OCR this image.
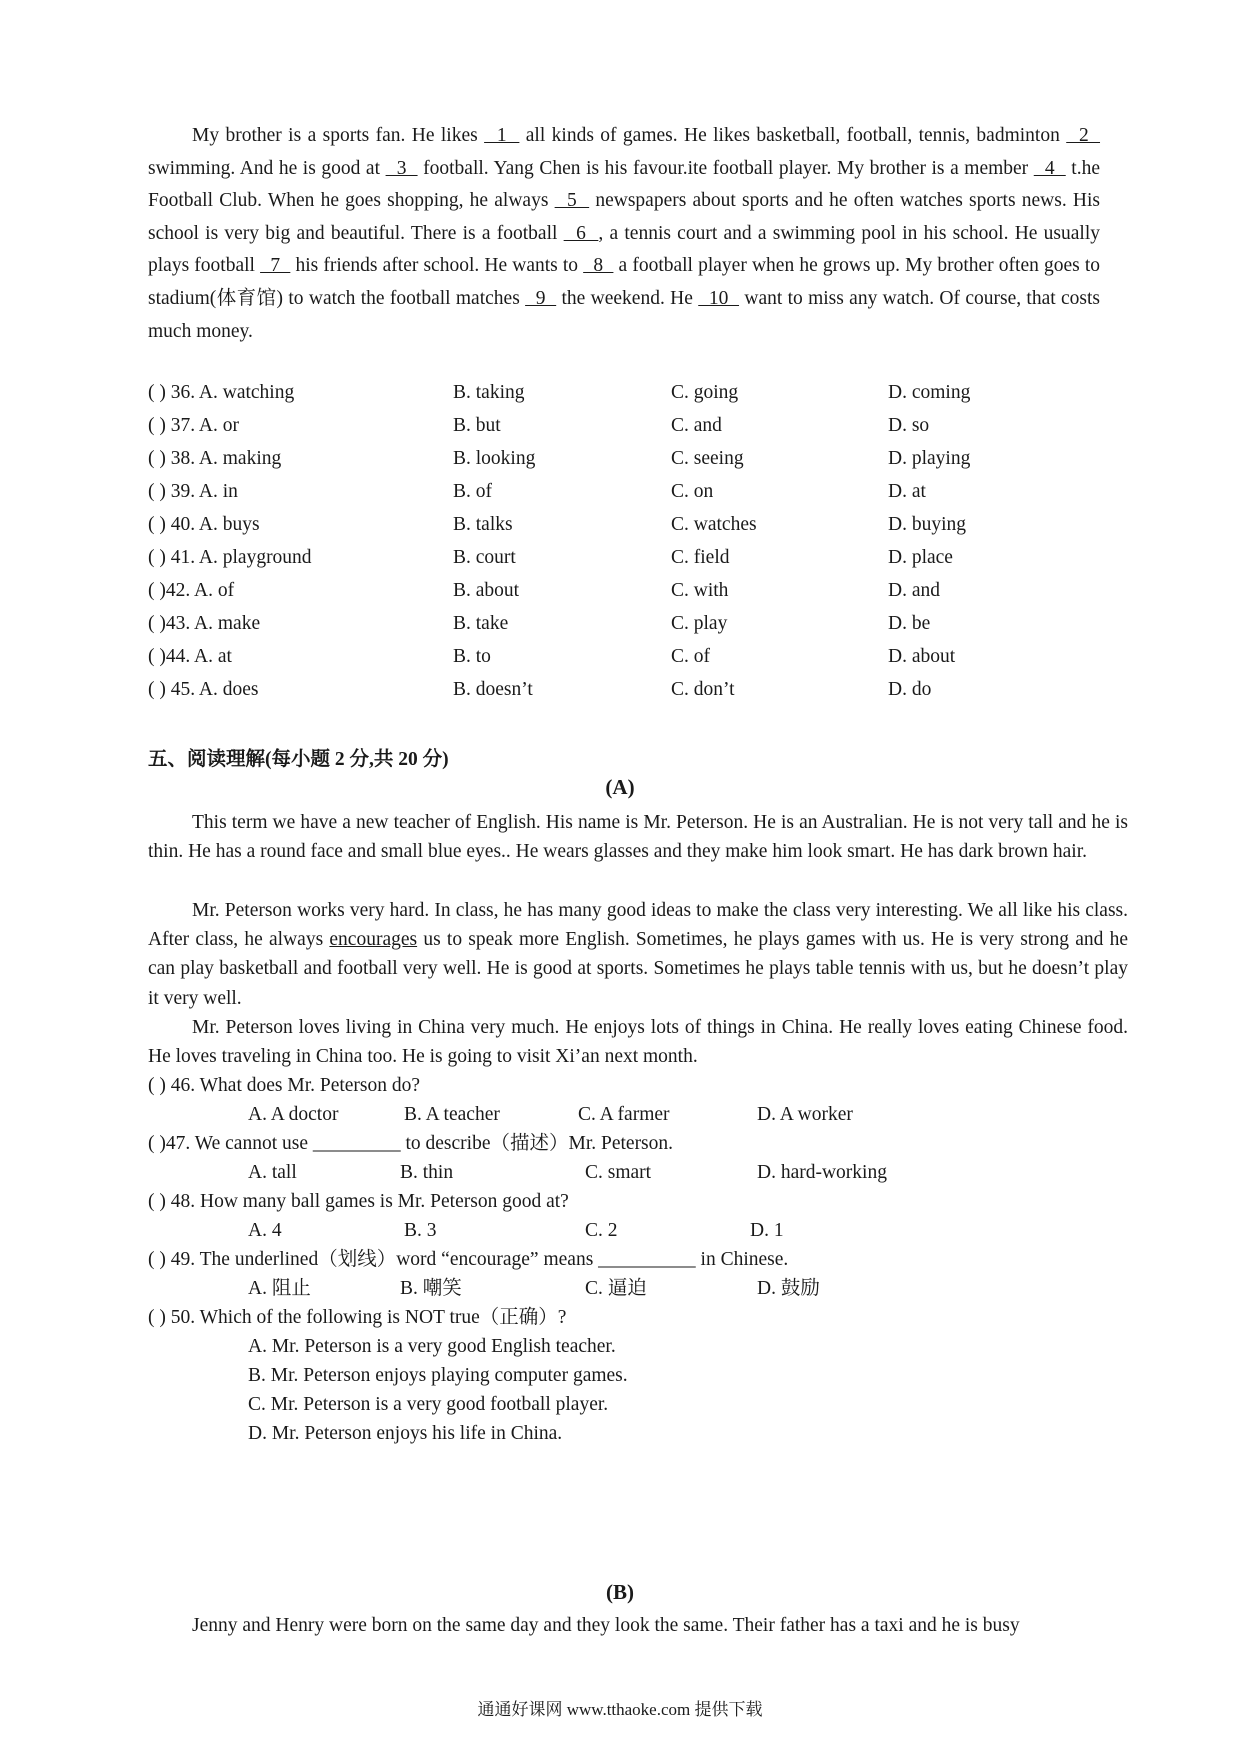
My brother is a sports fan. He likes   1   all kinds of games. He likes basketball, football, tennis, badminton   2   swimming. And he is good at   3   football. Yang Chen is his favour.ite football player. My brother is a member   4   t.he Football Club. When he goes shopping, he always   5   newspapers about sports and he often watches sports news. His school is very big and beautiful. There is a football   6  , a tennis court and a swimming pool in his school. He usually plays football   7   his friends after school. He wants to   8   a football player when he grows up. My brother often goes to stadium(体育馆) to watch the football matches   9   the weekend. He   10   want to miss any watch. Of course, that costs much money.

( ) 36. A. watching	B. taking	C. going	D. coming
( ) 37. A. or	B. but	C. and	D. so
( ) 38. A. making	B. looking	C. seeing	D. playing
( ) 39. A. in	B. of	C. on	D. at
( ) 40. A. buys	B. talks	C. watches	D. buying
( ) 41. A. playground	B. court	C. field	D. place
( )42. A. of	B. about	C. with	D. and
( )43. A. make	B. take	C. play	D. be
( )44. A. at	B. to	C. of	D. about
( ) 45. A. does	B. doesn’t	C. don’t	D. do
五、阅读理解(每小题 2 分,共 20 分)
(A)

This term we have a new teacher of English. His name is Mr. Peterson. He is an Australian. He is not very tall and he is thin. He has a round face and small blue eyes.. He wears glasses and they make him look smart. He has dark brown hair.

Mr. Peterson works very hard. In class, he has many good ideas to make the class very interesting. We all like his class. After class, he always encourages us to speak more English. Sometimes, he plays games with us. He is very strong and he can play basketball and football very well. He is good at sports. Sometimes he plays table tennis with us, but he doesn’t play it very well.

Mr. Peterson loves living in China very much. He enjoys lots of things in China. He really loves eating Chinese food. He loves traveling in China too. He is going to visit Xi’an next month.

( ) 46. What does Mr. Peterson do?
A. A doctor	B. A teacher	C. A farmer	D. A worker
( )47. We cannot use _________ to describe（描述）Mr. Peterson.
A. tall	B. thin	C. smart	D. hard-working
( ) 48. How many ball games is Mr. Peterson good at?
A. 4	B. 3	C. 2	D. 1
( ) 49. The underlined（划线）word “encourage” means __________ in Chinese.
A. 阻止	B. 嘲笑	C. 逼迫	D. 鼓励
( ) 50. Which of the following is NOT true（正确）?
A. Mr. Peterson is a very good English teacher.
B. Mr. Peterson enjoys playing computer games.
C. Mr. Peterson is a very good football player.
D. Mr. Peterson enjoys his life in China.
(B)
Jenny and Henry were born on the same day and they look the same. Their father has a taxi and he is busy
通通好课网 www.tthaoke.com 提供下载
